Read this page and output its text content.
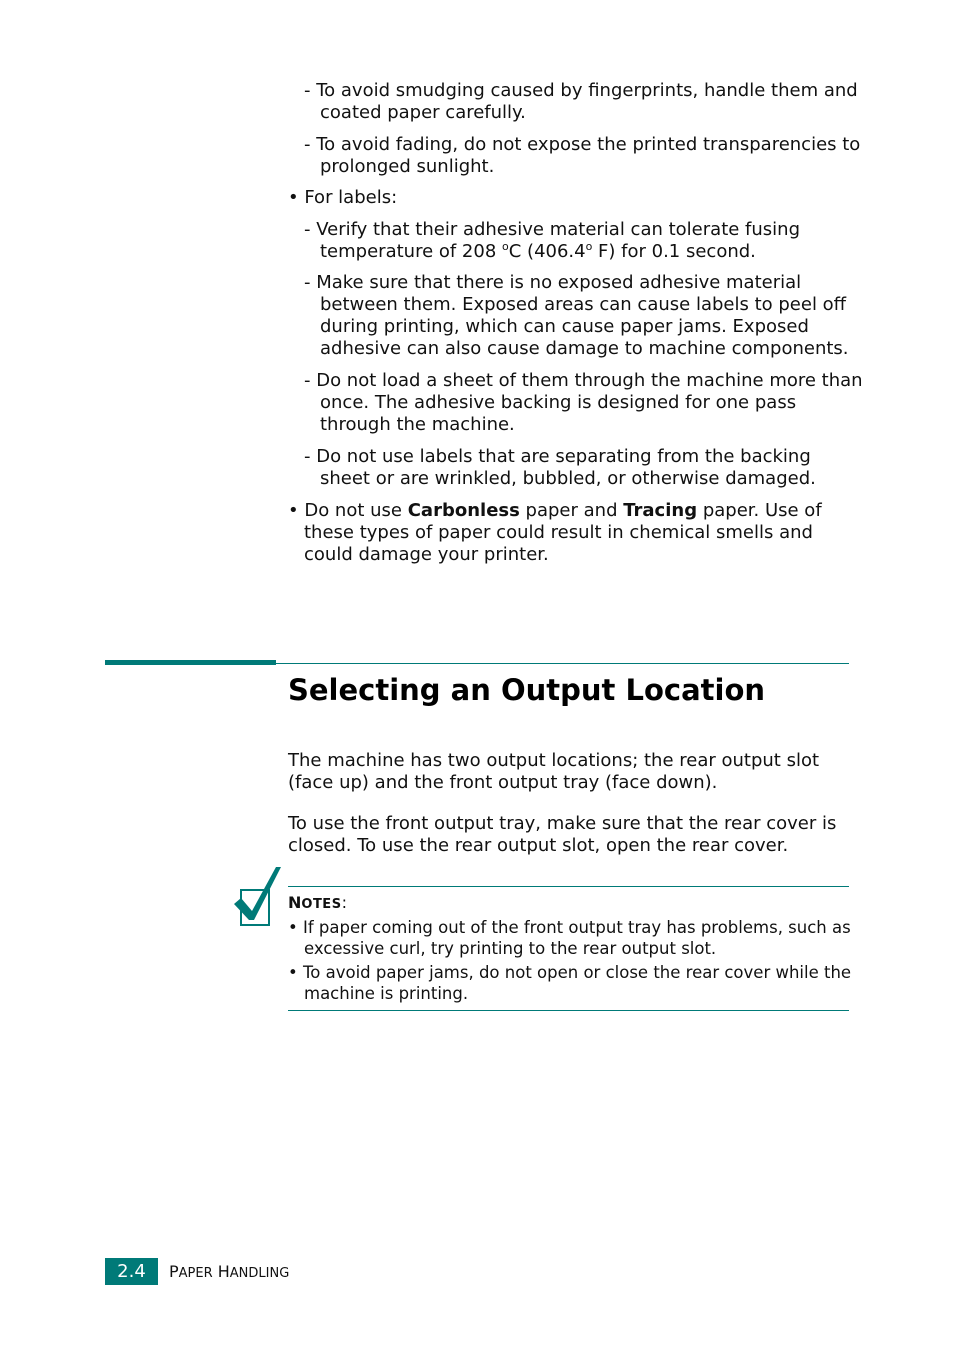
- To avoid smudging caused by fingerprints, handle them and coated paper carefully.
- To avoid fading, do not expose the printed transparencies to prolonged sunlight.
• For labels:
- Verify that their adhesive material can tolerate fusing temperature of 208 $^o$C (406.4$^o$ F) for 0.1 second.
- Make sure that there is no exposed adhesive material between them. Exposed areas can cause labels to peel off during printing, which can cause paper jams. Exposed adhesive can also cause damage to machine components.
- Do not load a sheet of them through the machine more than once. The adhesive backing is designed for one pass through the machine.
- Do not use labels that are separating from the backing sheet or are wrinkled, bubbled, or otherwise damaged.
• Do not use Carbonless paper and Tracing paper. Use of these types of paper could result in chemical smells and could damage your printer.
Selecting an Output Location
The machine has two output locations; the rear output slot (face up) and the front output tray (face down).
To use the front output tray, make sure that the rear cover is closed. To use the rear output slot, open the rear cover.
NOTES:
• If paper coming out of the front output tray has problems, such as excessive curl, try printing to the rear output slot.
• To avoid paper jams, do not open or close the rear cover while the machine is printing.
2.4	PAPER HANDLING
